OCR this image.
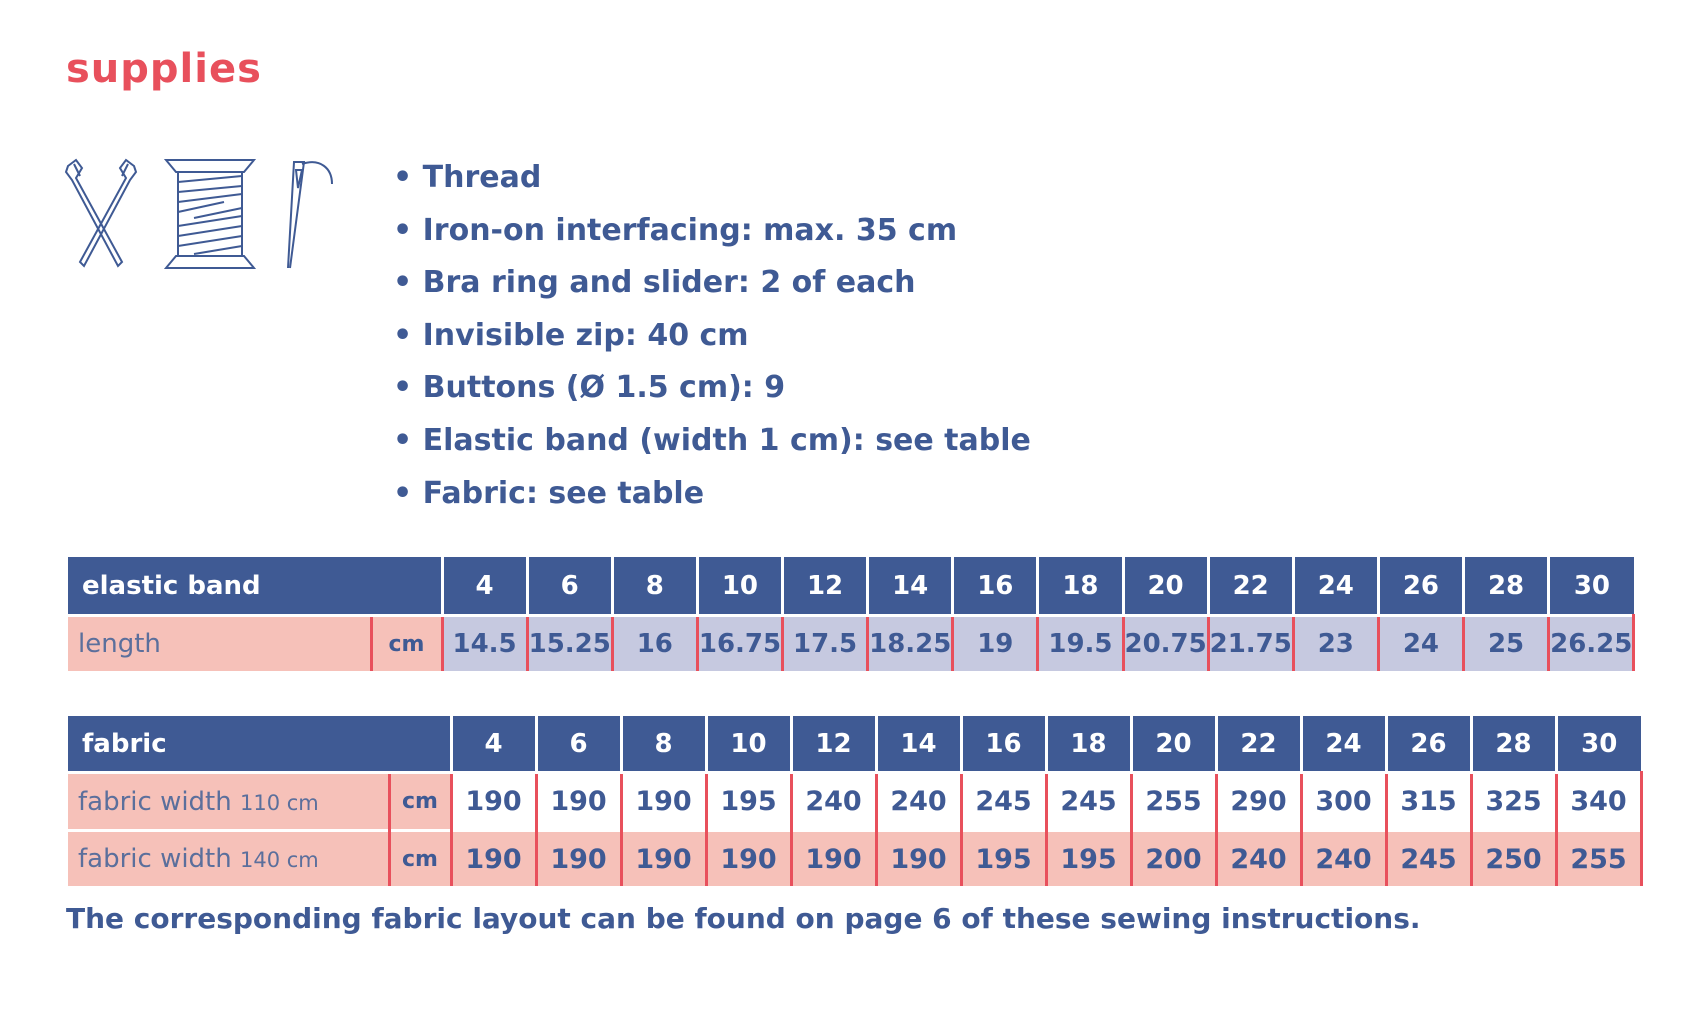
supplies
• Thread
• Iron-on interfacing: max. 35 cm
• Bra ring and slider: 2 of each
• Invisible zip: 40 cm
• Buttons (Ø 1.5 cm): 9
• Elastic band (width 1 cm): see table
• Fabric: see table
elastic band		4	6	8	10	12	14	16	18	20	22	24	26	28	30
length	cm	14.5	15.25	16	16.75	17.5	18.25	19	19.5	20.75	21.75	23	24	25	26.25
fabric		4	6	8	10	12	14	16	18	20	22	24	26	28	30
fabric width 110 cm	cm	190	190	190	195	240	240	245	245	255	290	300	315	325	340
fabric width 140 cm	cm	190	190	190	190	190	190	195	195	200	240	240	245	250	255
The corresponding fabric layout can be found on page 6 of these sewing instructions.
